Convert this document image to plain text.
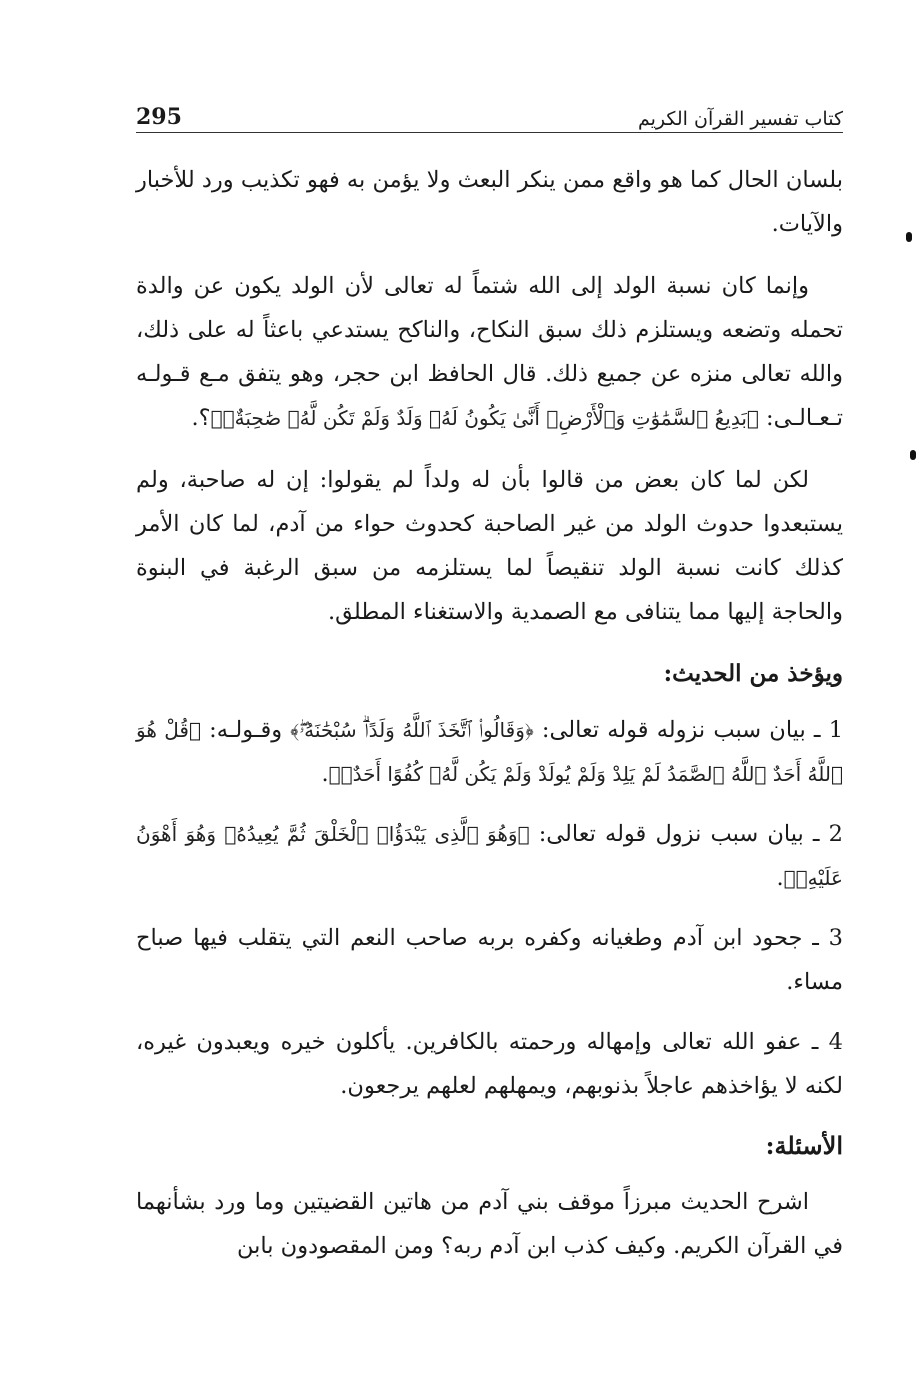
كتاب تفسير القرآن الكريم
295

بلسان الحال كما هو واقع ممن ينكر البعث ولا يؤمن به فهو تكذيب ورد للأخبار والآيات.

وإنما كان نسبة الولد إلى الله شتماً له تعالى لأن الولد يكون عن والدة تحمله وتضعه ويستلزم ذلك سبق النكاح، والناكح يستدعي باعثاً له على ذلك، والله تعالى منزه عن جميع ذلك. قال الحافظ ابن حجر، وهو يتفق مـع قـولـه تـعـالـى: ﴿بَدِيعُ ٱلسَّمَٰوَٰتِ وَٱلْأَرْضِۖ أَنَّىٰ يَكُونُ لَهُۥ وَلَدٌ وَلَمْ تَكُن لَّهُۥ صَٰحِبَةٌۖ﴾؟.

لكن لما كان بعض من قالوا بأن له ولداً لم يقولوا: إن له صاحبة، ولم يستبعدوا حدوث الولد من غير الصاحبة كحدوث حواء من آدم، لما كان الأمر كذلك كانت نسبة الولد تنقيصاً لما يستلزمه من سبق الرغبة في البنوة والحاجة إليها مما يتنافى مع الصمدية والاستغناء المطلق.

ويؤخذ من الحديث:

1 ـ بيان سبب نزوله قوله تعالى: ﴿وَقَالُوا۟ ٱتَّخَذَ ٱللَّهُ وَلَدًاۗ سُبْحَٰنَهُۥۖ﴾ وقـولـه: ﴿قُلْ هُوَ ٱللَّهُ أَحَدٌ ٱللَّهُ ٱلصَّمَدُ لَمْ يَلِدْ وَلَمْ يُولَدْ وَلَمْ يَكُن لَّهُۥ كُفُوًا أَحَدٌۢ﴾.

2 ـ بيان سبب نزول قوله تعالى: ﴿وَهُوَ ٱلَّذِى يَبْدَؤُا۟ ٱلْخَلْقَ ثُمَّ يُعِيدُهُۥ وَهُوَ أَهْوَنُ عَلَيْهِۚ﴾.

3 ـ جحود ابن آدم وطغيانه وكفره بربه صاحب النعم التي يتقلب فيها صباح مساء.

4 ـ عفو الله تعالى وإمهاله ورحمته بالكافرين. يأكلون خيره ويعبدون غيره، لكنه لا يؤاخذهم عاجلاً بذنوبهم، ويمهلهم لعلهم يرجعون.

الأسئلة:

اشرح الحديث مبرزاً موقف بني آدم من هاتين القضيتين وما ورد بشأنهما في القرآن الكريم. وكيف كذب ابن آدم ربه؟ ومن المقصودون بابن
